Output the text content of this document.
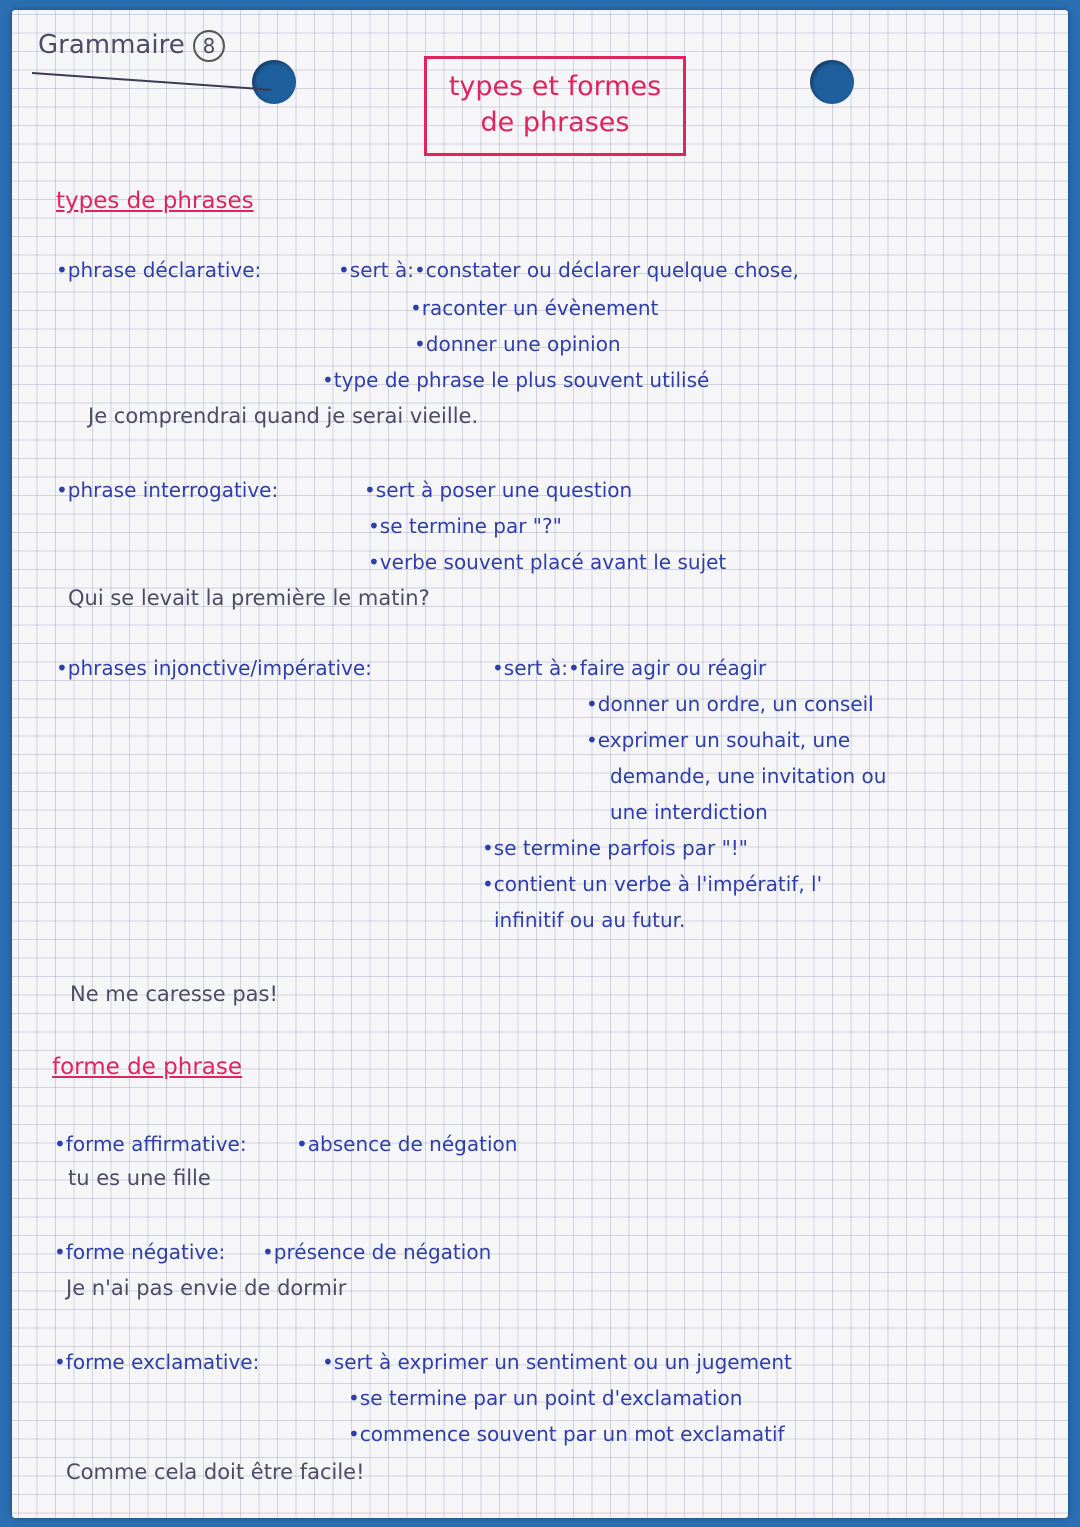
Grammaire 8
types et formes
de phrases
types de phrases
•phrase déclarative:	•sert à:•constater ou déclarer quelque chose,
•raconter un évènement
•donner une opinion
•type de phrase le plus souvent utilisé
Je comprendrai quand je serai vieille.
•phrase interrogative:	•sert à poser une question
•se termine par "?"
•verbe souvent placé avant le sujet
Qui se levait la première le matin?
•phrases injonctive/impérative:	•sert à:•faire agir ou réagir
•donner un ordre, un conseil
•exprimer un souhait, une
demande, une invitation ou
une interdiction
•se termine parfois par "!"
•contient un verbe à l'impératif, l'
infinitif ou au futur.
Ne me caresse pas!
forme de phrase
•forme affirmative: •absence de négation
tu es une fille
•forme négative: •présence de négation
Je n'ai pas envie de dormir
•forme exclamative:	•sert à exprimer un sentiment ou un jugement
•se termine par un point d'exclamation
•commence souvent par un mot exclamatif
Comme cela doit être facile!
